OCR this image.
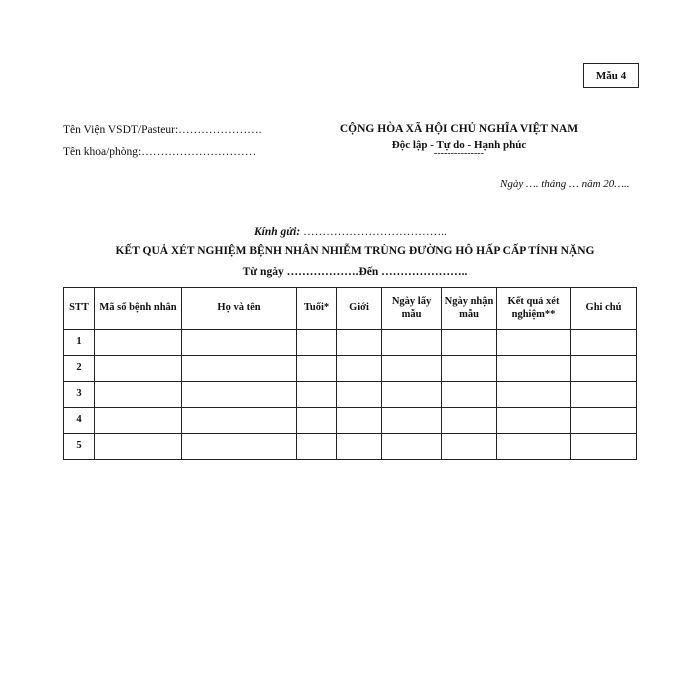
Mẫu 4
Tên Viện VSDT/Pasteur:………………….
Tên khoa/phòng:…………………………
CỘNG HÒA XÃ HỘI CHỦ NGHĨA VIỆT NAM
Độc lập - Tự do - Hạnh phúc
---------------
Ngày …. tháng … năm 20…..
Kính gửi: ………………………………..
KẾT QUẢ XÉT NGHIỆM BỆNH NHÂN NHIỄM TRÙNG ĐƯỜNG HÔ HẤP CẤP TÍNH NẶNG
Từ ngày ……………….Đến …………………..
STT	Mã số bệnh nhân	Họ và tên	Tuổi*	Giới	Ngày lấy mẫu	Ngày nhận mẫu	Kết quả xét nghiệm**	Ghi chú
1								
2								
3								
4								
5								
